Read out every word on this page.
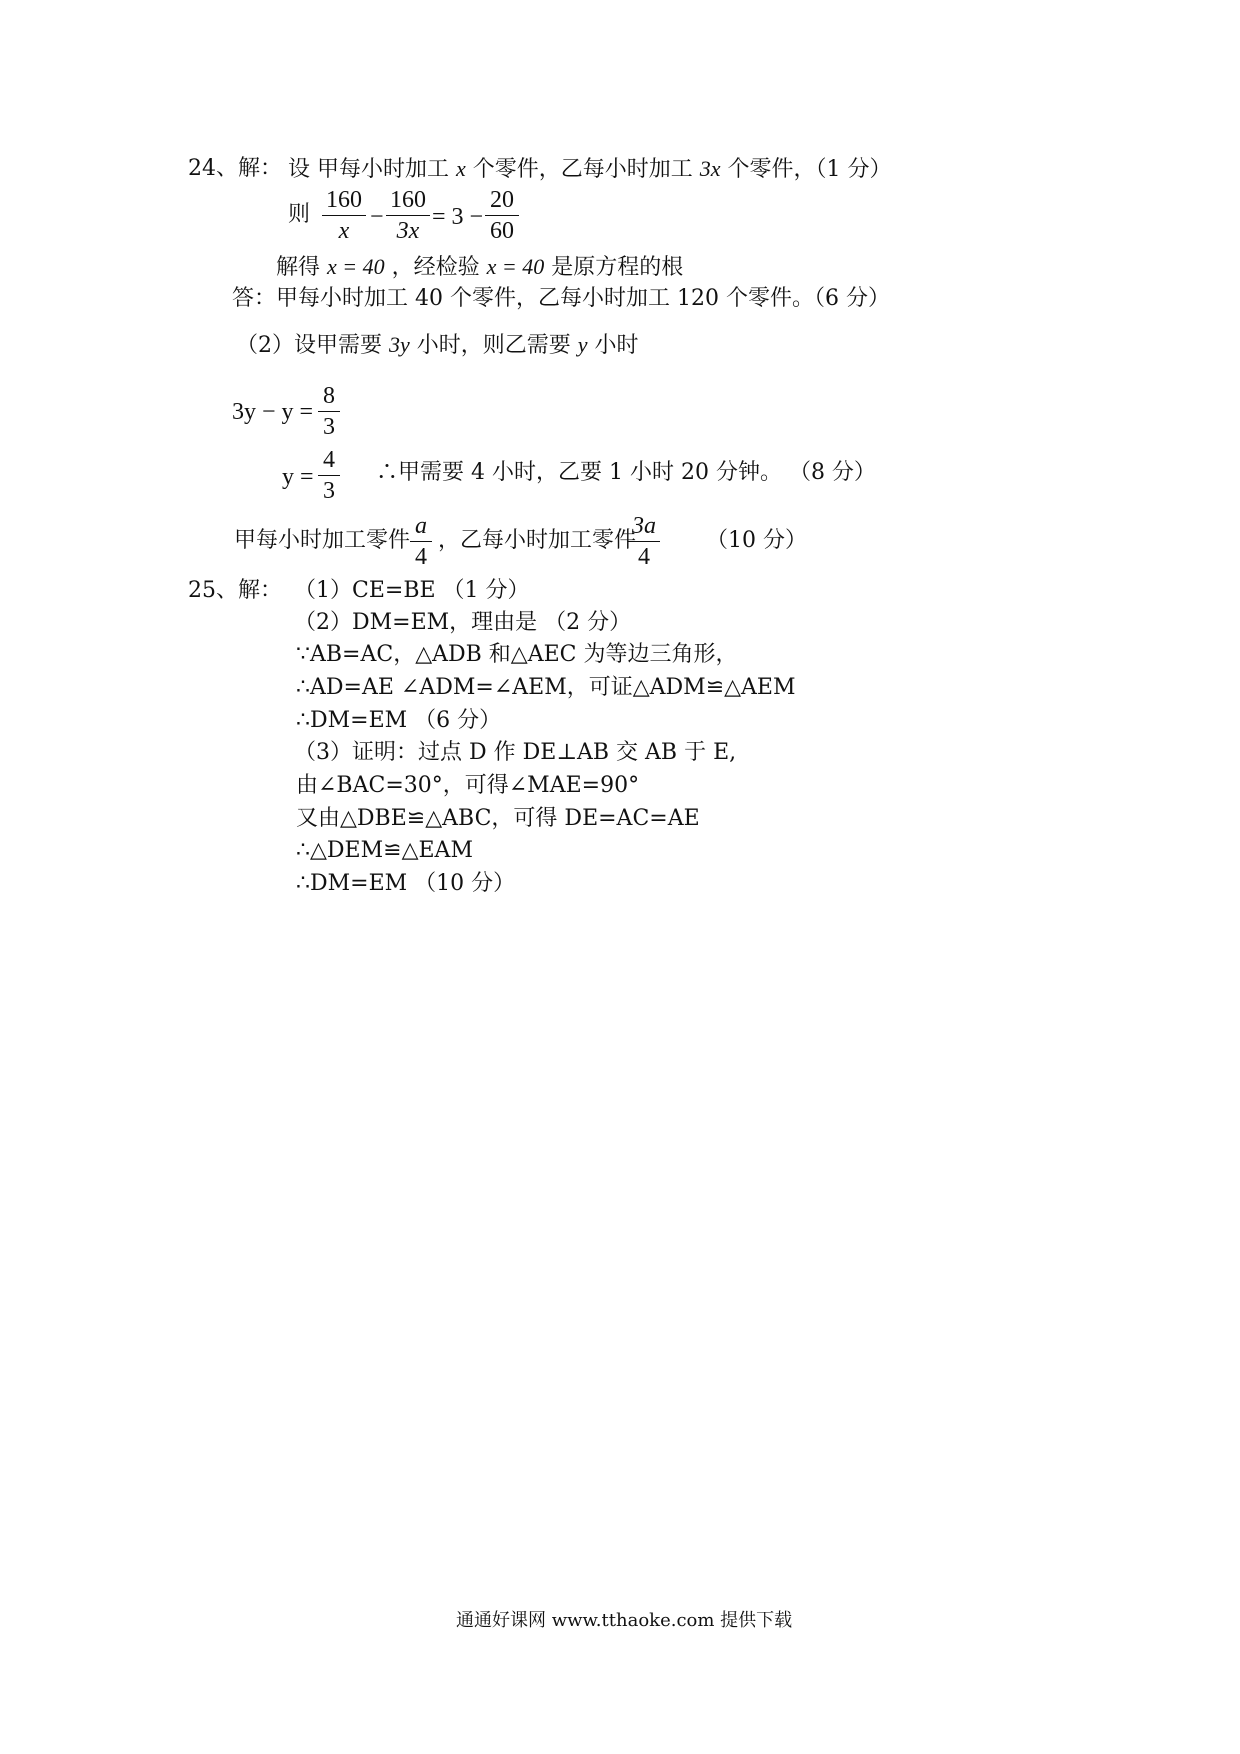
24、解： 设 甲每小时加工 x 个零件，乙每小时加工 3x 个零件，（1 分）
则
160
x
−
160
3x
= 3 −
20
60
解得 x = 40 ，经检验 x = 40 是原方程的根
答：甲每小时加工 40 个零件，乙每小时加工 120 个零件。（6 分）
（2）设甲需要 3y 小时，则乙需要 y 小时
3y − y =
8
3
y =
4
3
∴甲需要 4 小时，乙要 1 小时 20 分钟。 （8 分）
甲每小时加工零件
a
4
，乙每小时加工零件
3a
4
（10 分）
25、解： （1）CE=BE （1 分）
（2）DM=EM，理由是 （2 分）
∵AB=AC，△ADB 和△AEC 为等边三角形，
∴AD=AE ∠ADM=∠AEM，可证△ADM≌△AEM
∴DM=EM （6 分）
（3）证明：过点 D 作 DE⊥AB 交 AB 于 E,
由∠BAC=30°，可得∠MAE=90°
又由△DBE≌△ABC，可得 DE=AC=AE
∴△DEM≌△EAM
∴DM=EM （10 分）
通通好课网 www.tthaoke.com 提供下载
